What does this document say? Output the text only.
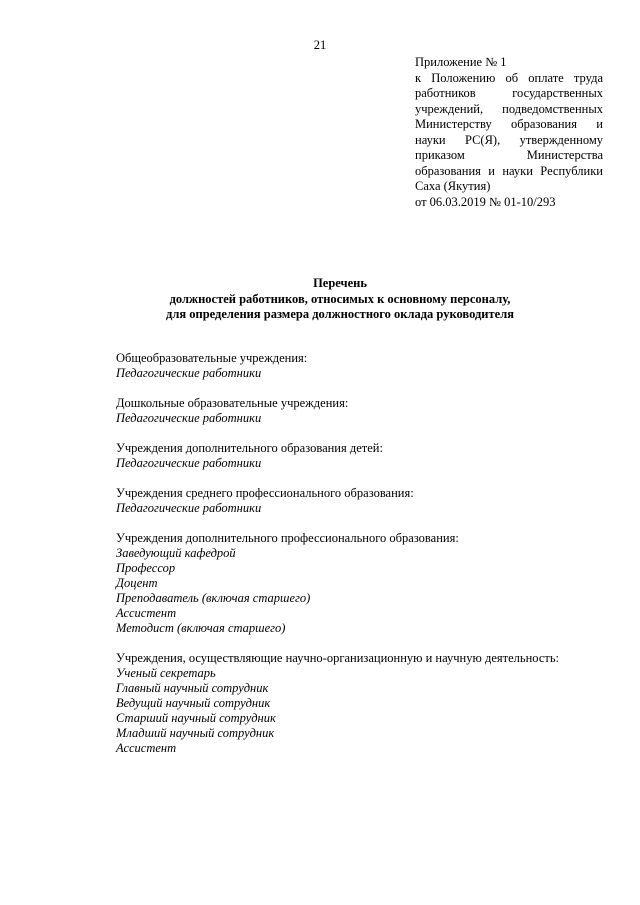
21
Приложение № 1
к Положению об оплате труда
работников государственных
учреждений, подведомственных
Министерству образования и
науки РС(Я), утвержденному
приказом Министерства
образования и науки Республики
Саха (Якутия)
от 06.03.2019 № 01-10/293
Перечень
должностей работников, относимых к основному персоналу,
для определения размера должностного оклада руководителя
Общеобразовательные учреждения:
Педагогические работники
Дошкольные образовательные учреждения:
Педагогические работники
Учреждения дополнительного образования детей:
Педагогические работники
Учреждения среднего профессионального образования:
Педагогические работники
Учреждения дополнительного профессионального образования:
Заведующий кафедрой
Профессор
Доцент
Преподаватель (включая старшего)
Ассистент
Методист (включая старшего)
Учреждения, осуществляющие научно-организационную и научную деятельность:
Ученый секретарь
Главный научный сотрудник
Ведущий научный сотрудник
Старший научный сотрудник
Младший научный сотрудник
Ассистент
